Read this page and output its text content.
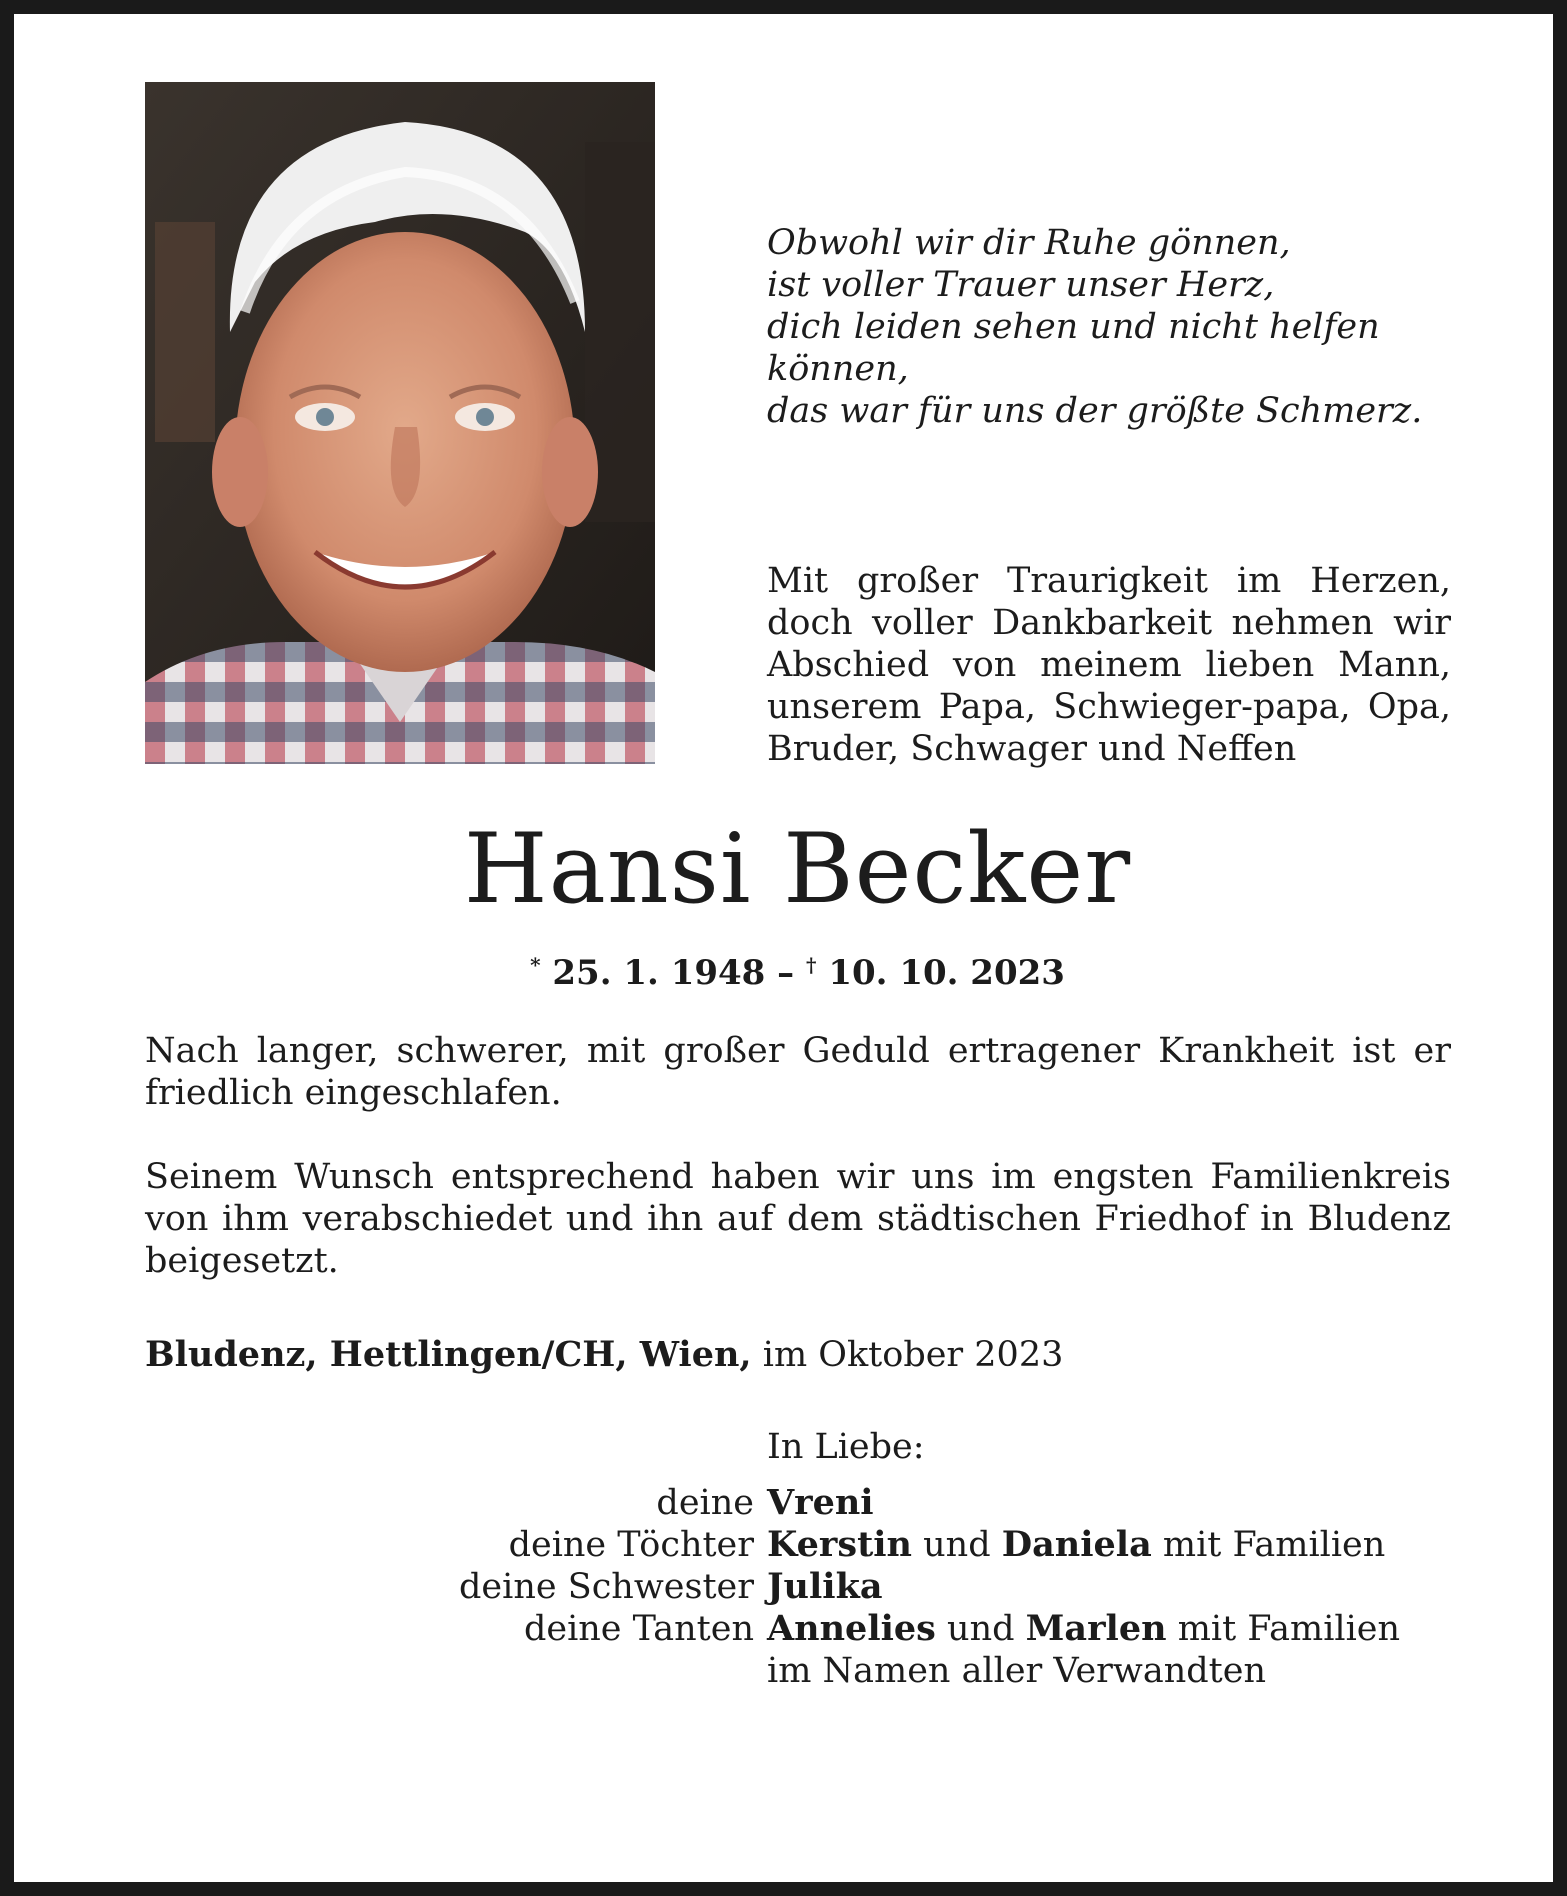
Obwohl wir dir Ruhe gönnen,
ist voller Trauer unser Herz,
dich leiden sehen und nicht helfen können,
das war für uns der größte Schmerz.
Mit großer Traurigkeit im Herzen, doch voller Dankbarkeit nehmen wir Abschied von meinem lieben Mann, unserem Papa, Schwieger-papa, Opa, Bruder, Schwager und Neffen
Hansi Becker
* 25. 1. 1948 – † 10. 10. 2023
Nach langer, schwerer, mit großer Geduld ertragener Krankheit ist er friedlich eingeschlafen.
Seinem Wunsch entsprechend haben wir uns im engsten Familienkreis von ihm verabschiedet und ihn auf dem städtischen Friedhof in Bludenz beigesetzt.
Bludenz, Hettlingen/CH, Wien, im Oktober 2023
In Liebe:
deine Vreni
deine Töchter Kerstin und Daniela mit Familien
deine Schwester Julika
deine Tanten Annelies und Marlen mit Familien
im Namen aller Verwandten
